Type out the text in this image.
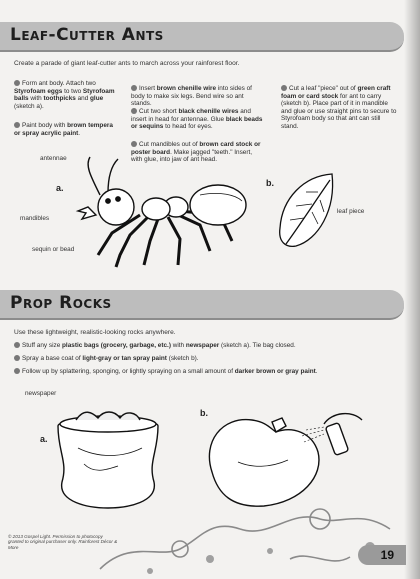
Leaf-Cutter Ants
Create a parade of giant leaf-cutter ants to march across your rainforest floor.
Form ant body. Attach two Styrofoam eggs to two Styrofoam balls with toothpicks and glue (sketch a).
Paint body with brown tempera or spray acrylic paint.
Insert brown chenille wire into sides of body to make six legs. Bend wire so ant stands.
Cut two short black chenille wires and insert in head for antennae. Glue black beads or sequins to head for eyes.
Cut mandibles out of brown card stock or poster board. Make jagged "teeth." Insert, with glue, into jaw of ant head.
Cut a leaf "piece" out of green craft foam or card stock for ant to carry (sketch b). Place part of it in mandible and glue or use straight pins to secure to Styrofoam body so that ant can still stand.
antennae
a.
mandibles
sequin or bead
b.
leaf piece
Prop Rocks
Use these lightweight, realistic-looking rocks anywhere.
Stuff any size plastic bags (grocery, garbage, etc.) with newspaper (sketch a). Tie bag closed.
Spray a base coat of light-gray or tan spray paint (sketch b).
Follow up by splattering, sponging, or lightly spraying on a small amount of darker brown or gray paint.
newspaper
a.
b.
© 2013 Gospel Light. Permission to photocopy granted to original purchaser only. Rainforest Décor & More
19
